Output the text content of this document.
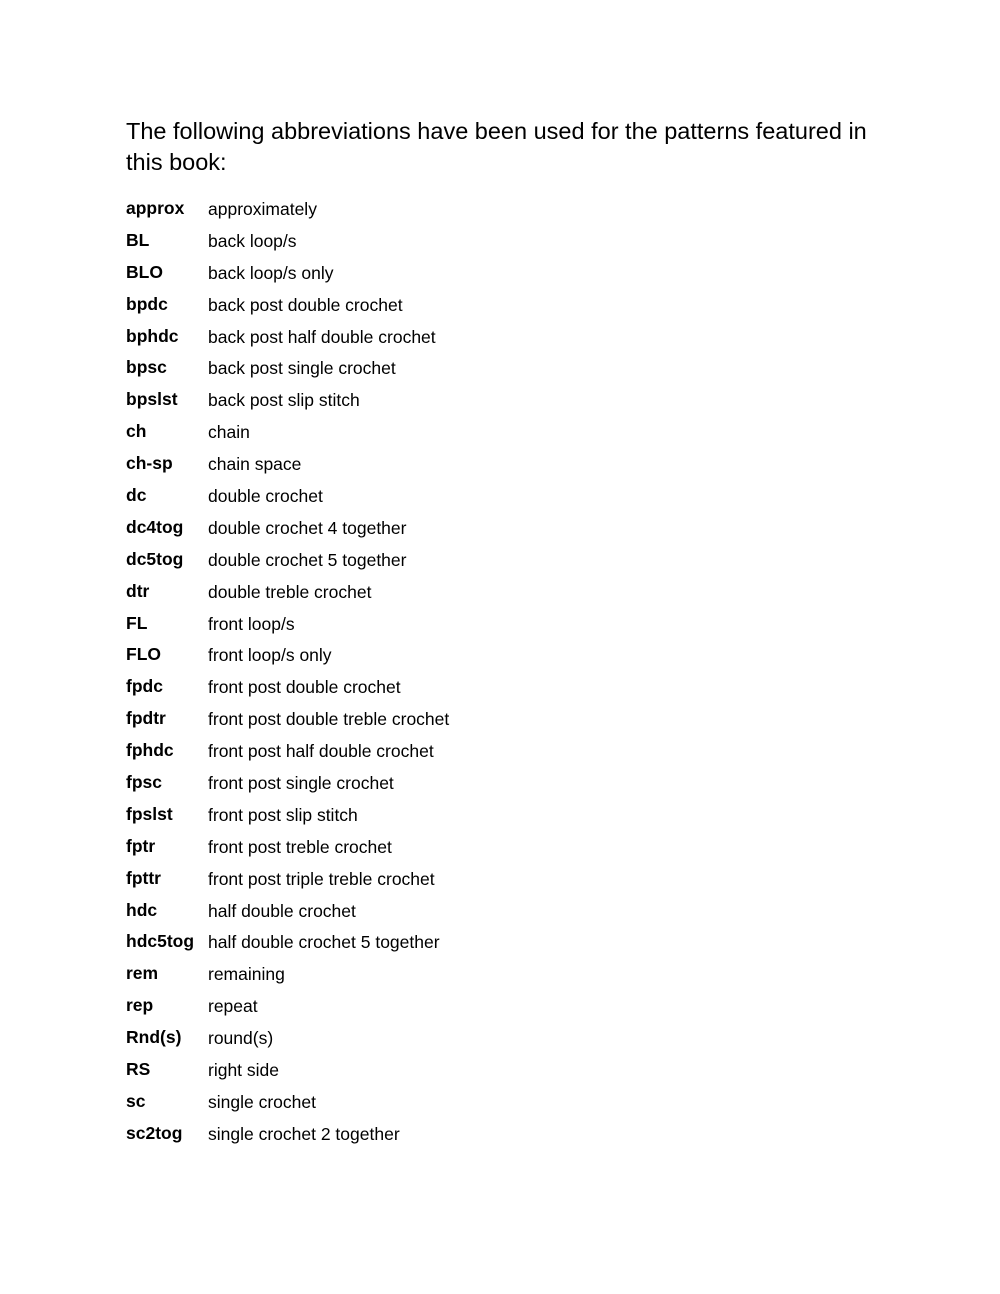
The following abbreviations have been used for the patterns featured in this book:

approx	approximately
BL	back loop/s
BLO	back loop/s only
bpdc	back post double crochet
bphdc	back post half double crochet
bpsc	back post single crochet
bpslst	back post slip stitch
ch	chain
ch-sp	chain space
dc	double crochet
dc4tog	double crochet 4 together
dc5tog	double crochet 5 together
dtr	double treble crochet
FL	front loop/s
FLO	front loop/s only
fpdc	front post double crochet
fpdtr	front post double treble crochet
fphdc	front post half double crochet
fpsc	front post single crochet
fpslst	front post slip stitch
fptr	front post treble crochet
fpttr	front post triple treble crochet
hdc	half double crochet
hdc5tog half double crochet 5 together
rem	remaining
rep	repeat
Rnd(s)	round(s)
RS	right side
sc	single crochet
sc2tog	single crochet 2 together
